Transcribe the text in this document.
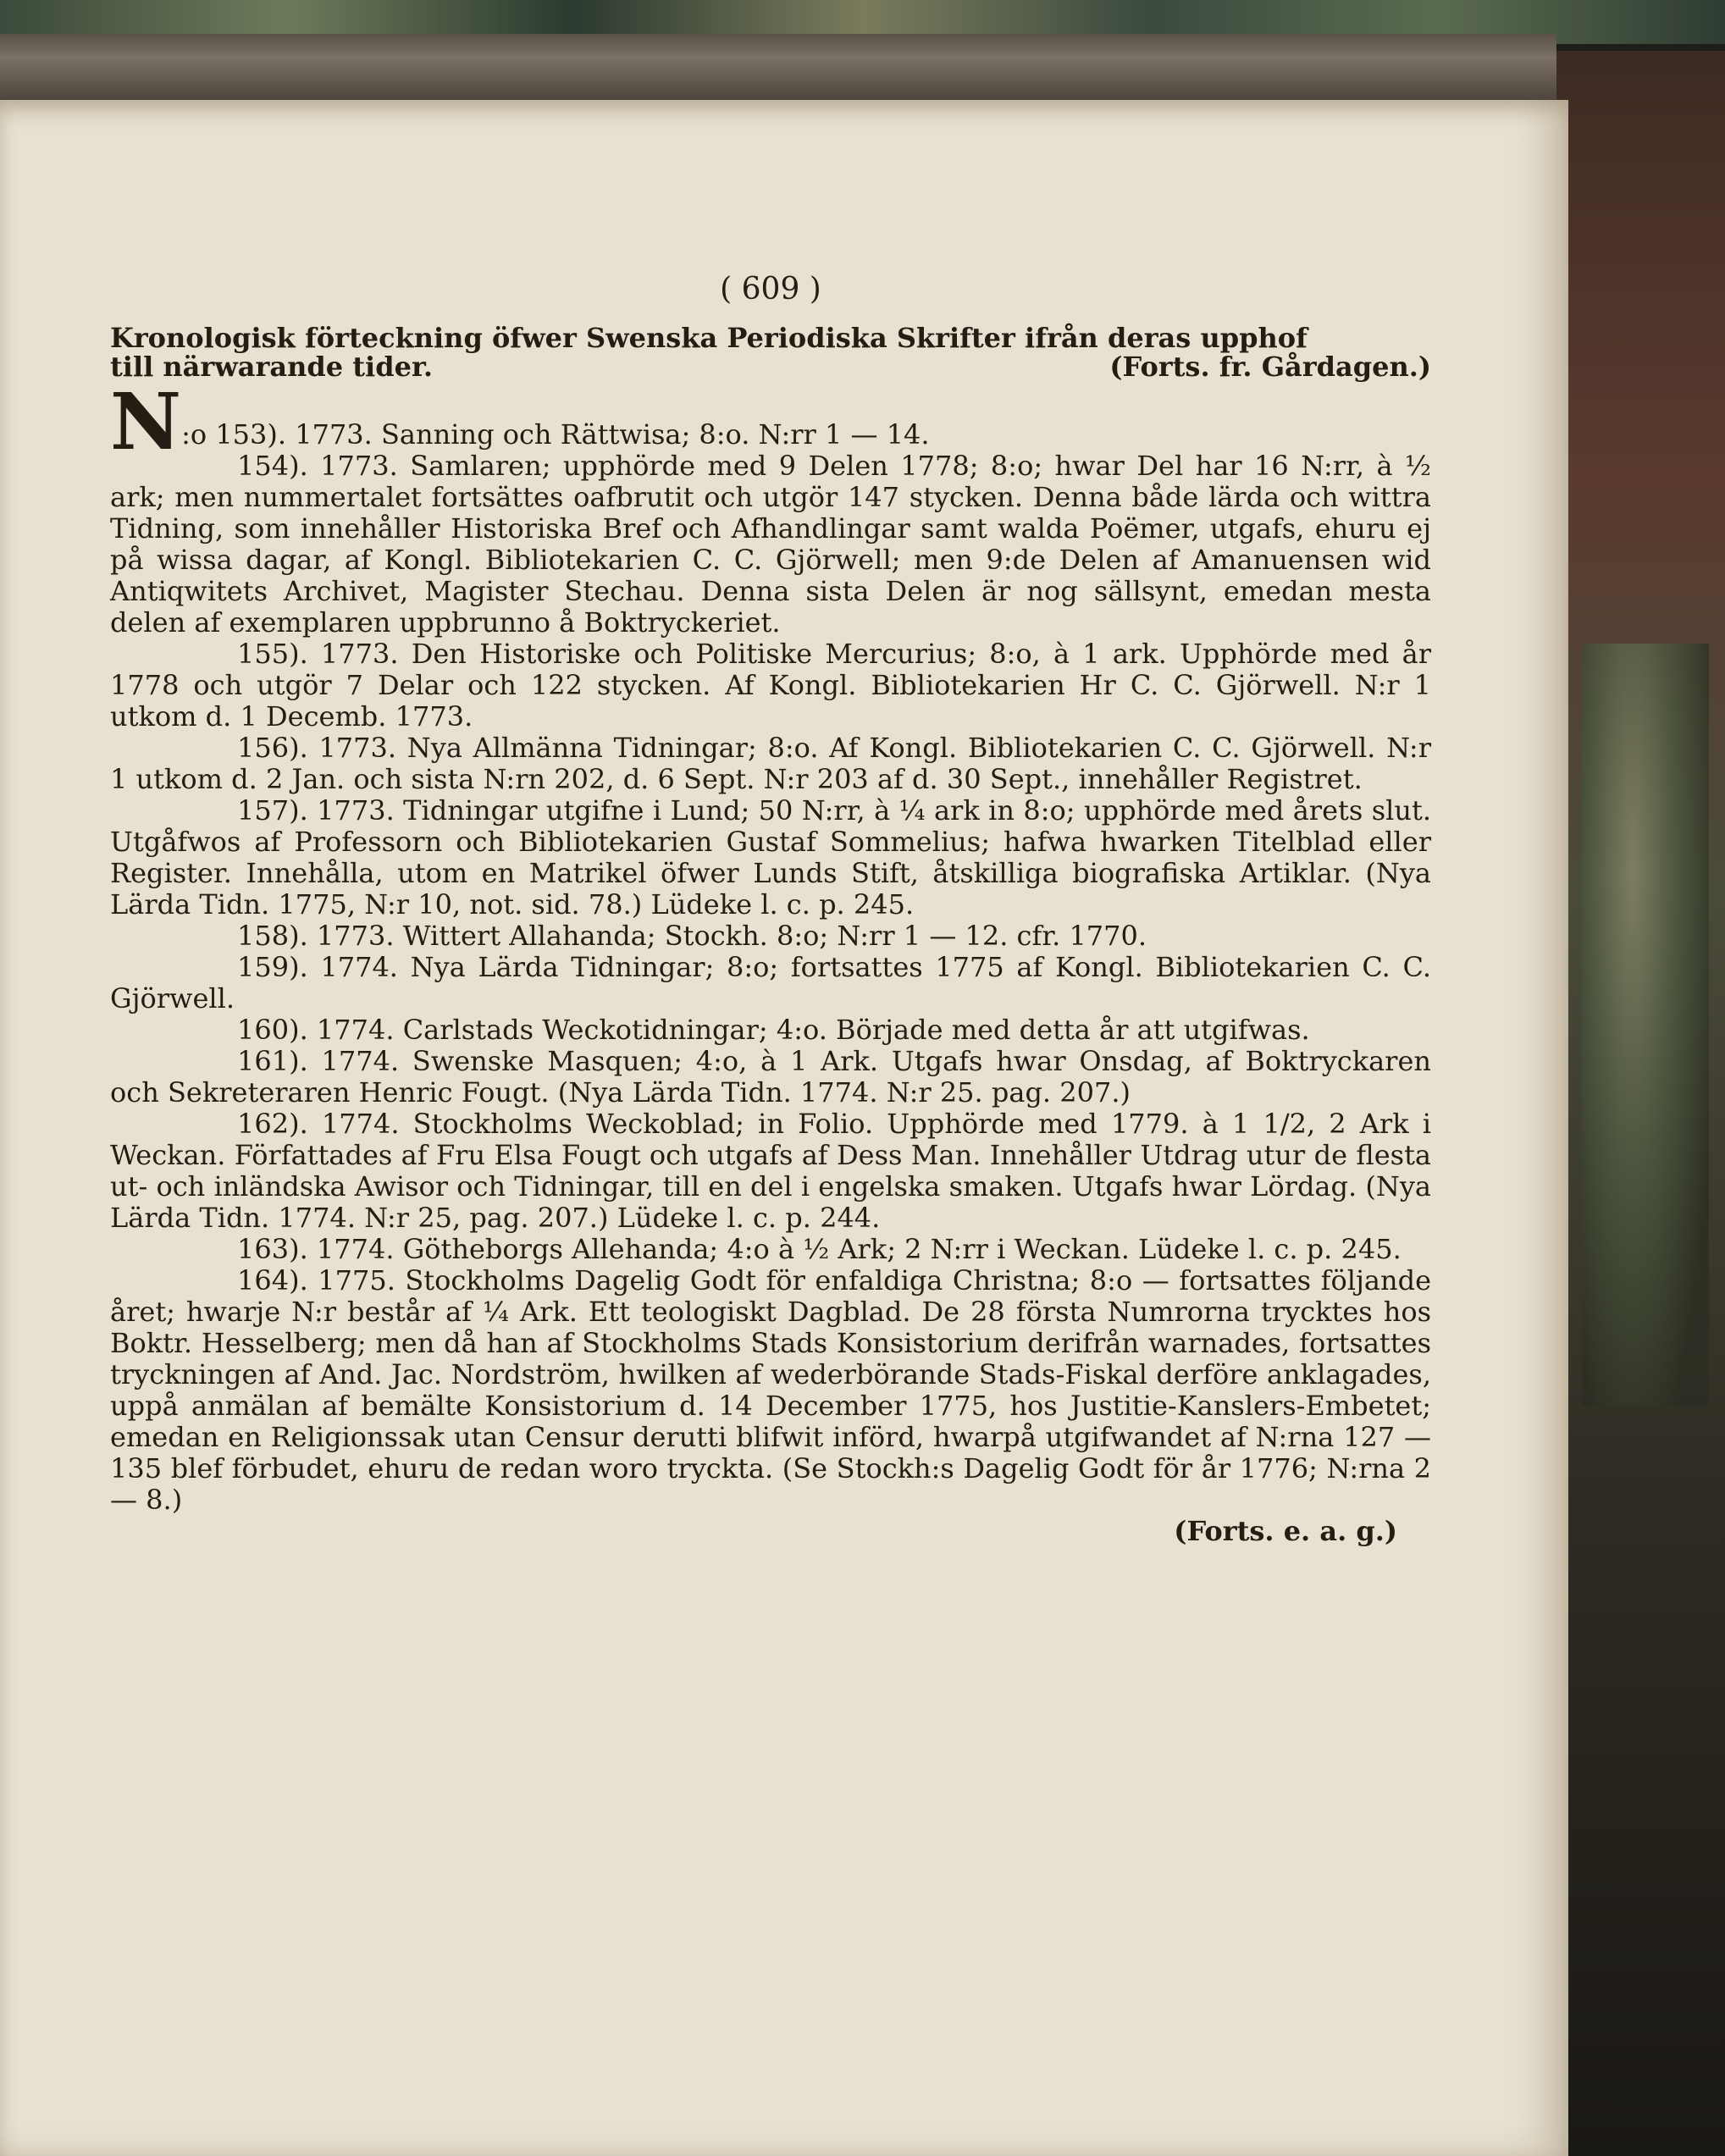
( 609 )
Kronologisk förteckning öfwer Swenska Periodiska Skrifter ifrån deras upphof
till närwarande tider.	(Forts. fr. Gårdagen.)

N:o 153). 1773. Sanning och Rättwisa; 8:o. N:rr 1 — 14.

154). 1773. Samlaren; upphörde med 9 Delen 1778; 8:o; hwar Del har 16 N:rr, à ½ ark; men nummertalet fortsättes oafbrutit och utgör 147 stycken. Denna både lärda och wittra Tidning, som innehåller Historiska Bref och Afhandlingar samt walda Poëmer, utgafs, ehuru ej på wissa dagar, af Kongl. Bibliotekarien C. C. Gjörwell; men 9:de Delen af Amanuensen wid Antiqwitets Archivet, Magister Stechau. Denna sista Delen är nog sällsynt, emedan mesta delen af exemplaren uppbrunno å Boktryckeriet.

155). 1773. Den Historiske och Politiske Mercurius; 8:o, à 1 ark. Upphörde med år 1778 och utgör 7 Delar och 122 stycken. Af Kongl. Bibliotekarien Hr C. C. Gjörwell. N:r 1 utkom d. 1 Decemb. 1773.

156). 1773. Nya Allmänna Tidningar; 8:o. Af Kongl. Bibliotekarien C. C. Gjörwell. N:r 1 utkom d. 2 Jan. och sista N:rn 202, d. 6 Sept. N:r 203 af d. 30 Sept., innehåller Registret.

157). 1773. Tidningar utgifne i Lund; 50 N:rr, à ¼ ark in 8:o; upphörde med årets slut. Utgåfwos af Professorn och Bibliotekarien Gustaf Sommelius; hafwa hwarken Titelblad eller Register. Innehålla, utom en Matrikel öfwer Lunds Stift, åtskilliga biografiska Artiklar. (Nya Lärda Tidn. 1775, N:r 10, not. sid. 78.) Lüdeke l. c. p. 245.

158). 1773. Wittert Allahanda; Stockh. 8:o; N:rr 1 — 12. cfr. 1770.

159). 1774. Nya Lärda Tidningar; 8:o; fortsattes 1775 af Kongl. Bibliotekarien C. C. Gjörwell.

160). 1774. Carlstads Weckotidningar; 4:o. Började med detta år att utgifwas.

161). 1774. Swenske Masquen; 4:o, à 1 Ark. Utgafs hwar Onsdag, af Boktryckaren och Sekreteraren Henric Fougt. (Nya Lärda Tidn. 1774. N:r 25. pag. 207.)

162). 1774. Stockholms Weckoblad; in Folio. Upphörde med 1779. à 1 1/2, 2 Ark i Weckan. Författades af Fru Elsa Fougt och utgafs af Dess Man. Innehåller Utdrag utur de flesta ut- och inländska Awisor och Tidningar, till en del i engelska smaken. Utgafs hwar Lördag. (Nya Lärda Tidn. 1774. N:r 25, pag. 207.) Lüdeke l. c. p. 244.

163). 1774. Götheborgs Allehanda; 4:o à ½ Ark; 2 N:rr i Weckan. Lüdeke l. c. p. 245.

164). 1775. Stockholms Dagelig Godt för enfaldiga Christna; 8:o — fortsattes följande året; hwarje N:r består af ¼ Ark. Ett teologiskt Dagblad. De 28 första Numrorna trycktes hos Boktr. Hesselberg; men då han af Stockholms Stads Konsistorium derifrån warnades, fortsattes tryckningen af And. Jac. Nordström, hwilken af wederbörande Stads-Fiskal derföre anklagades, uppå anmälan af bemälte Konsistorium d. 14 December 1775, hos Justitie-Kanslers-Embetet; emedan en Religionssak utan Censur derutti blifwit införd, hwarpå utgifwandet af N:rna 127 — 135 blef förbudet, ehuru de redan woro tryckta. (Se Stockh:s Dagelig Godt för år 1776; N:rna 2 — 8.)

(Forts. e. a. g.)
